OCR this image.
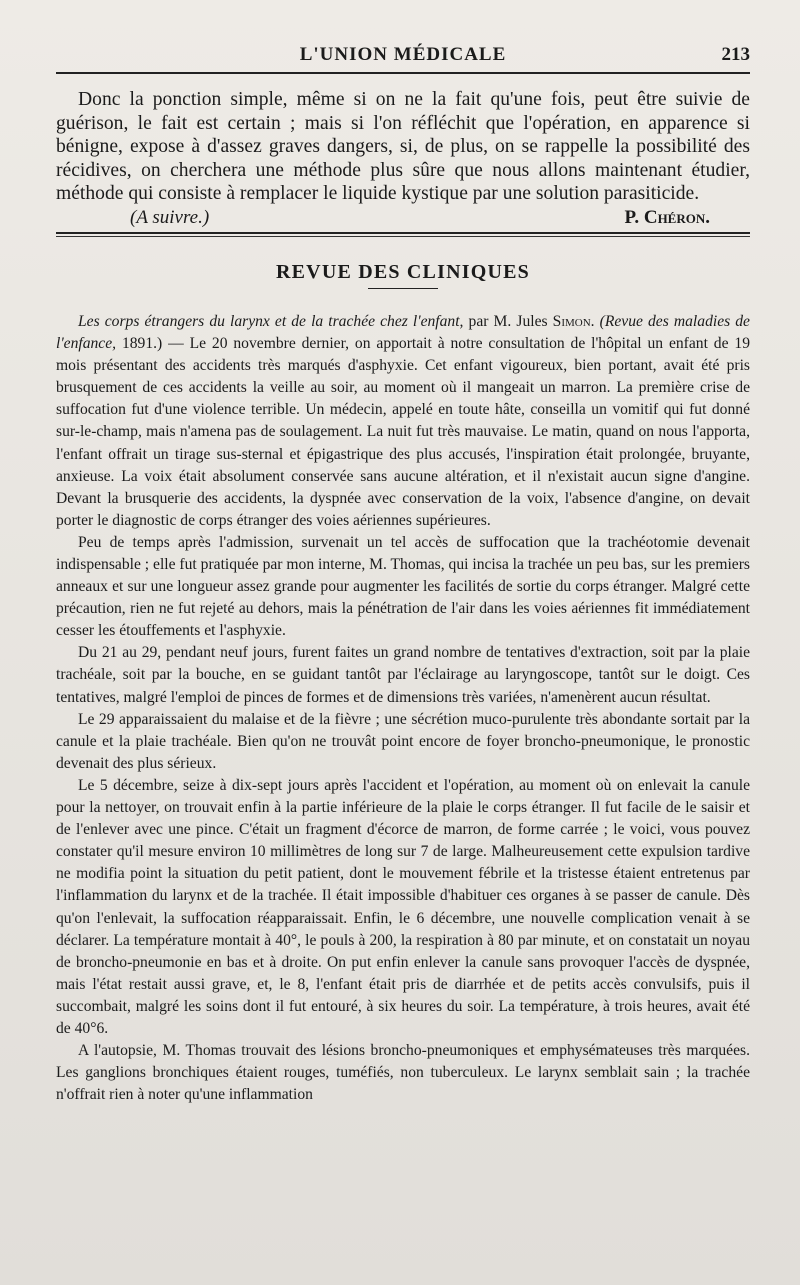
L'UNION MÉDICALE	213

Donc la ponction simple, même si on ne la fait qu'une fois, peut être suivie de guérison, le fait est certain ; mais si l'on réfléchit que l'opération, en apparence si bénigne, expose à d'assez graves dangers, si, de plus, on se rappelle la possibilité des récidives, on cherchera une méthode plus sûre que nous allons maintenant étudier, méthode qui consiste à remplacer le liquide kystique par une solution parasiticide.

(A suivre.)	P. Chéron.
REVUE DES CLINIQUES

Les corps étrangers du larynx et de la trachée chez l'enfant, par M. Jules Simon. (Revue des maladies de l'enfance, 1891.) — Le 20 novembre dernier, on apportait à notre consultation de l'hôpital un enfant de 19 mois présentant des accidents très marqués d'asphyxie. Cet enfant vigoureux, bien portant, avait été pris brusquement de ces accidents la veille au soir, au moment où il mangeait un marron. La première crise de suffocation fut d'une violence terrible. Un médecin, appelé en toute hâte, conseilla un vomitif qui fut donné sur-le-champ, mais n'amena pas de soulagement. La nuit fut très mauvaise. Le matin, quand on nous l'apporta, l'enfant offrait un tirage sus-sternal et épigastrique des plus accusés, l'inspiration était prolongée, bruyante, anxieuse. La voix était absolument conservée sans aucune altération, et il n'existait aucun signe d'angine. Devant la brusquerie des accidents, la dyspnée avec conservation de la voix, l'absence d'angine, on devait porter le diagnostic de corps étranger des voies aériennes supérieures.

Peu de temps après l'admission, survenait un tel accès de suffocation que la trachéotomie devenait indispensable ; elle fut pratiquée par mon interne, M. Thomas, qui incisa la trachée un peu bas, sur les premiers anneaux et sur une longueur assez grande pour augmenter les facilités de sortie du corps étranger. Malgré cette précaution, rien ne fut rejeté au dehors, mais la pénétration de l'air dans les voies aériennes fit immédiatement cesser les étouffements et l'asphyxie.

Du 21 au 29, pendant neuf jours, furent faites un grand nombre de tentatives d'extraction, soit par la plaie trachéale, soit par la bouche, en se guidant tantôt par l'éclairage au laryngoscope, tantôt sur le doigt. Ces tentatives, malgré l'emploi de pinces de formes et de dimensions très variées, n'amenèrent aucun résultat.

Le 29 apparaissaient du malaise et de la fièvre ; une sécrétion muco-purulente très abondante sortait par la canule et la plaie trachéale. Bien qu'on ne trouvât point encore de foyer broncho-pneumonique, le pronostic devenait des plus sérieux.

Le 5 décembre, seize à dix-sept jours après l'accident et l'opération, au moment où on enlevait la canule pour la nettoyer, on trouvait enfin à la partie inférieure de la plaie le corps étranger. Il fut facile de le saisir et de l'enlever avec une pince. C'était un fragment d'écorce de marron, de forme carrée ; le voici, vous pouvez constater qu'il mesure environ 10 millimètres de long sur 7 de large. Malheureusement cette expulsion tardive ne modifia point la situation du petit patient, dont le mouvement fébrile et la tristesse étaient entretenus par l'inflammation du larynx et de la trachée. Il était impossible d'habituer ces organes à se passer de canule. Dès qu'on l'enlevait, la suffocation réapparaissait. Enfin, le 6 décembre, une nouvelle complication venait à se déclarer. La température montait à 40°, le pouls à 200, la respiration à 80 par minute, et on constatait un noyau de broncho-pneumonie en bas et à droite. On put enfin enlever la canule sans provoquer l'accès de dyspnée, mais l'état restait aussi grave, et, le 8, l'enfant était pris de diarrhée et de petits accès convulsifs, puis il succombait, malgré les soins dont il fut entouré, à six heures du soir. La température, à trois heures, avait été de 40°6.

A l'autopsie, M. Thomas trouvait des lésions broncho-pneumoniques et emphysémateuses très marquées. Les ganglions bronchiques étaient rouges, tuméfiés, non tuberculeux. Le larynx semblait sain ; la trachée n'offrait rien à noter qu'une inflammation
